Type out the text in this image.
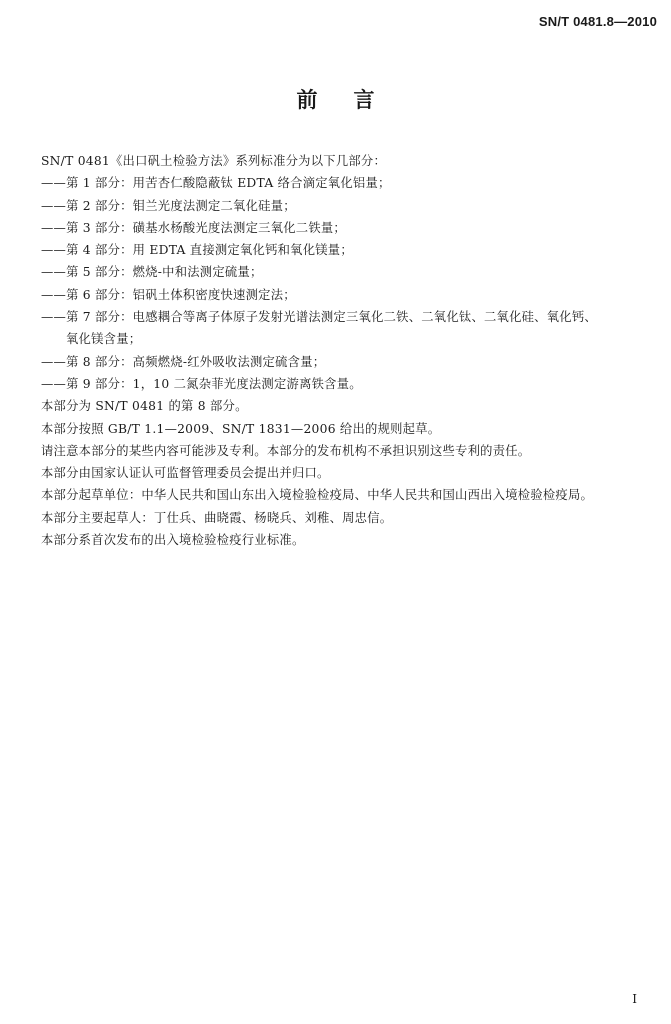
SN/T 0481.8—2010
前言

SN/T 0481《出口矾土检验方法》系列标准分为以下几部分：

——第 1 部分：用苦杏仁酸隐蔽钛 EDTA 络合滴定氧化铝量；

——第 2 部分：钼兰光度法测定二氧化硅量；

——第 3 部分：磺基水杨酸光度法测定三氧化二铁量；

——第 4 部分：用 EDTA 直接测定氧化钙和氧化镁量；

——第 5 部分：燃烧-中和法测定硫量；

——第 6 部分：铝矾土体积密度快速测定法；

——第 7 部分：电感耦合等离子体原子发射光谱法测定三氧化二铁、二氧化钛、二氧化硅、氧化钙、
氧化镁含量；

——第 8 部分：高频燃烧-红外吸收法测定硫含量；

——第 9 部分：1，10 二氮杂菲光度法测定游离铁含量。

本部分为 SN/T 0481 的第 8 部分。

本部分按照 GB/T 1.1—2009、SN/T 1831—2006 给出的规则起草。

请注意本部分的某些内容可能涉及专利。本部分的发布机构不承担识别这些专利的责任。

本部分由国家认证认可监督管理委员会提出并归口。

本部分起草单位：中华人民共和国山东出入境检验检疫局、中华人民共和国山西出入境检验检疫局。

本部分主要起草人：丁仕兵、曲晓霞、杨晓兵、刘稚、周忠信。

本部分系首次发布的出入境检验检疫行业标准。

I
